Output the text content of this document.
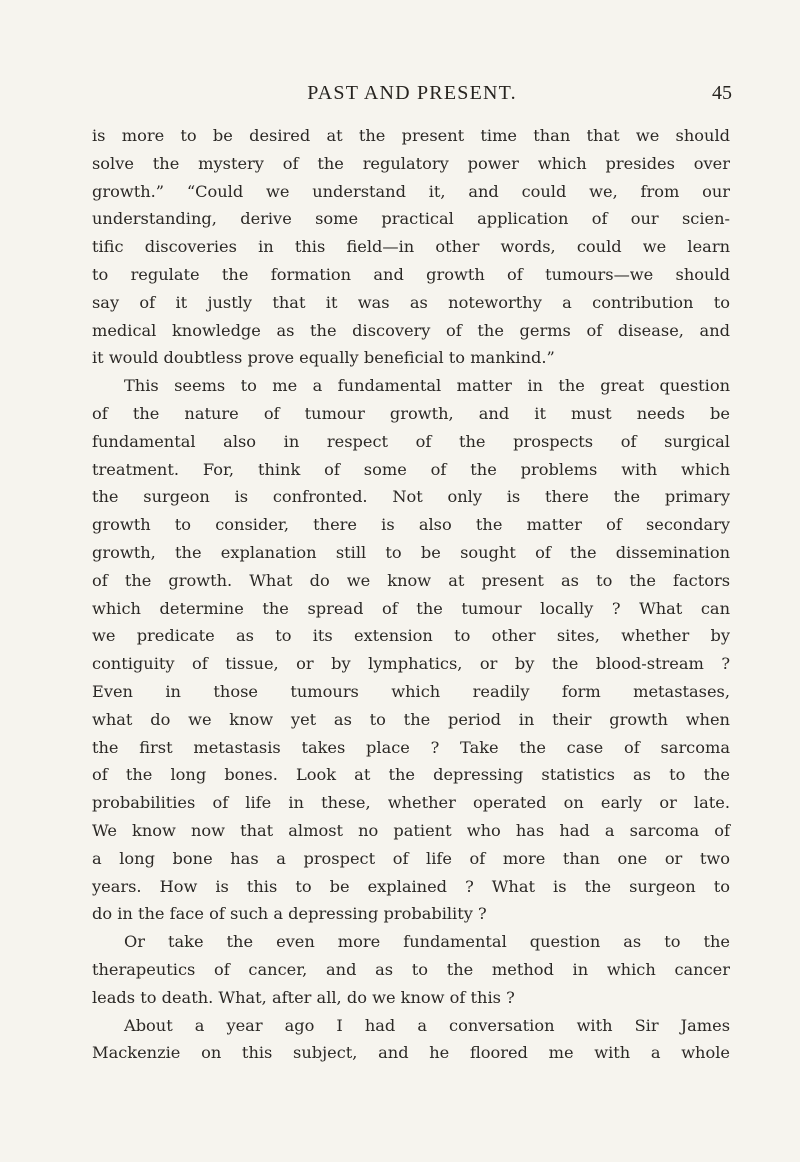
PAST AND PRESENT.	45
is more to be desired at the present time than that we should
solve the mystery of the regulatory power which presides over
growth.” “Could we understand it, and could we, from our
understanding, derive some practical application of our scien-
tific discoveries in this field—in other words, could we learn
to regulate the formation and growth of tumours—we should
say of it justly that it was as noteworthy a contribution to
medical knowledge as the discovery of the germs of disease, and
it would doubtless prove equally beneficial to mankind.”
This seems to me a fundamental matter in the great question
of the nature of tumour growth, and it must needs be
fundamental also in respect of the prospects of surgical
treatment. For, think of some of the problems with which
the surgeon is confronted. Not only is there the primary
growth to consider, there is also the matter of secondary
growth, the explanation still to be sought of the dissemination
of the growth. What do we know at present as to the factors
which determine the spread of the tumour locally ? What can
we predicate as to its extension to other sites, whether by
contiguity of tissue, or by lymphatics, or by the blood-stream ?
Even in those tumours which readily form metastases,
what do we know yet as to the period in their growth when
the first metastasis takes place ? Take the case of sarcoma
of the long bones. Look at the depressing statistics as to the
probabilities of life in these, whether operated on early or late.
We know now that almost no patient who has had a sarcoma of
a long bone has a prospect of life of more than one or two
years. How is this to be explained ? What is the surgeon to
do in the face of such a depressing probability ?
Or take the even more fundamental question as to the
therapeutics of cancer, and as to the method in which cancer
leads to death. What, after all, do we know of this ?
About a year ago I had a conversation with Sir James
Mackenzie on this subject, and he floored me with a whole
